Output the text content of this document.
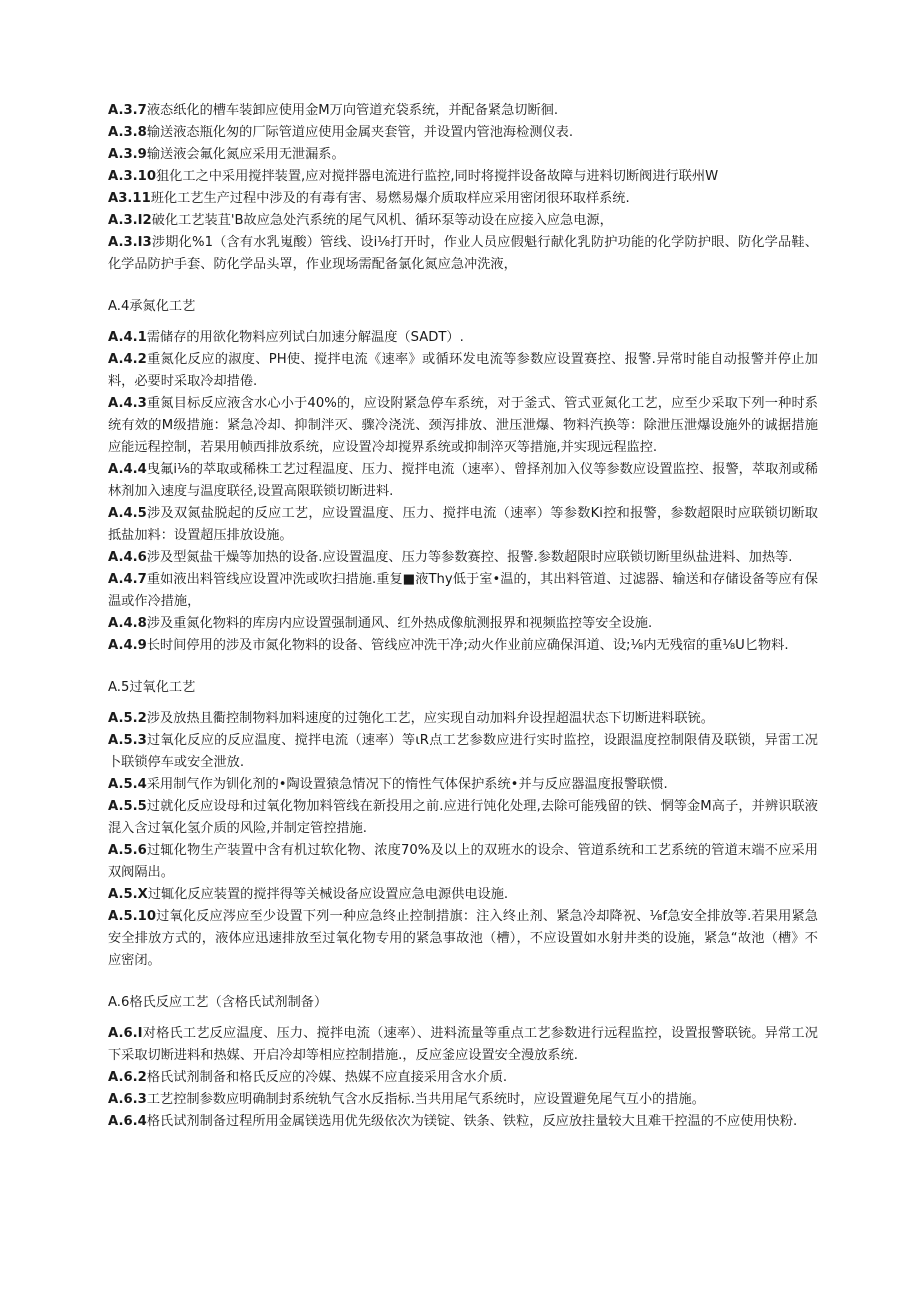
A.3.7液态纸化的槽车装卸应使用金M万向管道充袋系统，并配备紧急切断徊.

A.3.8输送液态瓶化匆的厂际管道应使用金属夹套管，并设置内管池海检测仪表.

A.3.9输送液会氟化氮应采用无泄漏系。

A.3.10狙化工之中采用搅拌装置,应对搅拌器电流进行监控,同时将搅拌设备故障与进料切断阀进行联州W

A3.11班化工艺生产过程中涉及的有毒有害、易燃易爆介质取样应采用密闭很环取样系统.

A.3.I2破化工艺装苴'B故应急处汽系统的尾气风机、循环泵等动设在应接入应急电源，

A.3.I3涉期化%1（含有水乳嵬酸）管线、设i⅛打开时，作业人员应假魁行献化乳防护功能的化学防护眼、防化学品鞋、化学品防护手套、防化学品头罩，作业现场需配备氯化氮应急冲洗液，

A.4承氮化工艺

A.4.1需储存的用欲化物料应列试白加速分解温度（SADT）.

A.4.2重氮化反应的淑度、PH使、搅拌电流《速率》或循环发电流等参数应设置赛控、报警.异常时能自动报警并停止加料，必要时采取冷却措倦.

A.4.3重氮目标反应液含水心小于40%的，应设附紧急停车系统，对于釜式、管式亚氮化工艺，应至少采取下列一种时系统有效的M级措施：紧急冷却、抑制泮灭、骤冷浇洸、颈泻排放、泄压泄爆、物料汽换等：除泄压泄爆设施外的诚据措施应能远程控制，若果用帧西排放系统，应设置冷却搅界系统或抑制淬灭等措施,并实现远程监控.

A.4.4曳氟i⅛的萃取或稀株工艺过程温度、压力、搅拌电流（速率）、曾择剂加入仪等参数应设置监控、报警，萃取剂或稀林剂加入速度与温度联径,设置高限联锁切断进料.

A.4.5涉及双氮盐脱起的反应工艺，应设置温度、压力、搅拌电流（速率）等参数Ki控和报警，参数超限时应联锁切断取抵盐加料：设置超压排放设施。

A.4.6涉及型氮盐干燥等加热的设备.应设置温度、压力等参数赛控、报警.参数超限时应联锁切断里纵盐进料、加热等.

A.4.7重如液出料管线应设置冲洗或吹扫措施.重复■液Thy低于室•温的，其出料管道、过滤器、输送和存储设备等应有保温或作冷措施，

A.4.8涉及重氮化物料的库房内应设置强制通风、红外热成像航测报界和视频监控等安全设施.

A.4.9长时间停用的涉及市氮化物料的设备、管线应冲洗干净;动火作业前应确保洱道、设;⅛内无残宿的重⅛U匕物料.

A.5过氧化工艺

A.5.2涉及放热且衢控制物料加料速度的过匏化工艺，应实现自动加料弁设捏超温状态下切断进料联铳。

A.5.3过氧化反应的反应温度、搅拌电流（速率）等ιR点工艺参数应进行实时监控，设跟温度控制限倩及联锁，异雷工况卜联锁停车或安全泄放.

A.5.4采用制气作为钏化剂的•陶设置猿急情况下的惰性气体保护系统•并与反应器温度报警联惯.

A.5.5过就化反应设母和过氧化物加料管线在新投用之前.应进行饨化处理,去除可能残留的铁、惘等金M高子，并辨识联液混入含过氧化氢介质的风险,并制定管控措施.

A.5.6过辄化物生产装置中含有机过软化物、浓度70%及以上的双班水的设佘、管道系统和工艺系统的管道末端不应采用双阀隔出。

A.5.X过辄化反应装置的搅拌得等关械设备应设置应急电源供电设施.

A.5.10过氧化反应涔应至少设置下列一种应急终止控制措旗：注入终止剂、紧急冷却降祝、⅛f急安全排放等.若果用紧急安全排放方式的，液体应迅速排放至过氧化物专用的紧急事故池（槽），不应设置如水射井类的设施，紧急“故池（槽》不应密闭。

A.6格氏反应工艺（含格氏试剂制备）

A.6.I对格氏工艺反应温度、压力、搅拌电流（速率）、进料流量等重点工艺参数进行远程监控，设置报警联铳。异常工况下采取切断进料和热媒、开启冷却等相应控制措施.，反应釜应设置安全漫放系统.

A.6.2格氏试剂制备和格氏反应的冷媒、热媒不应直接采用含水介质.

A.6.3工艺控制参数应明确制封系统轨气含水反指标.当共用尾气系统时，应设置避免尾气互小的措施。

A.6.4格氏试剂制备过程所用金属镁选用优先级依次为镁锭、铁条、铁粒，反应放拄量较大且难干控温的不应使用快粉.
